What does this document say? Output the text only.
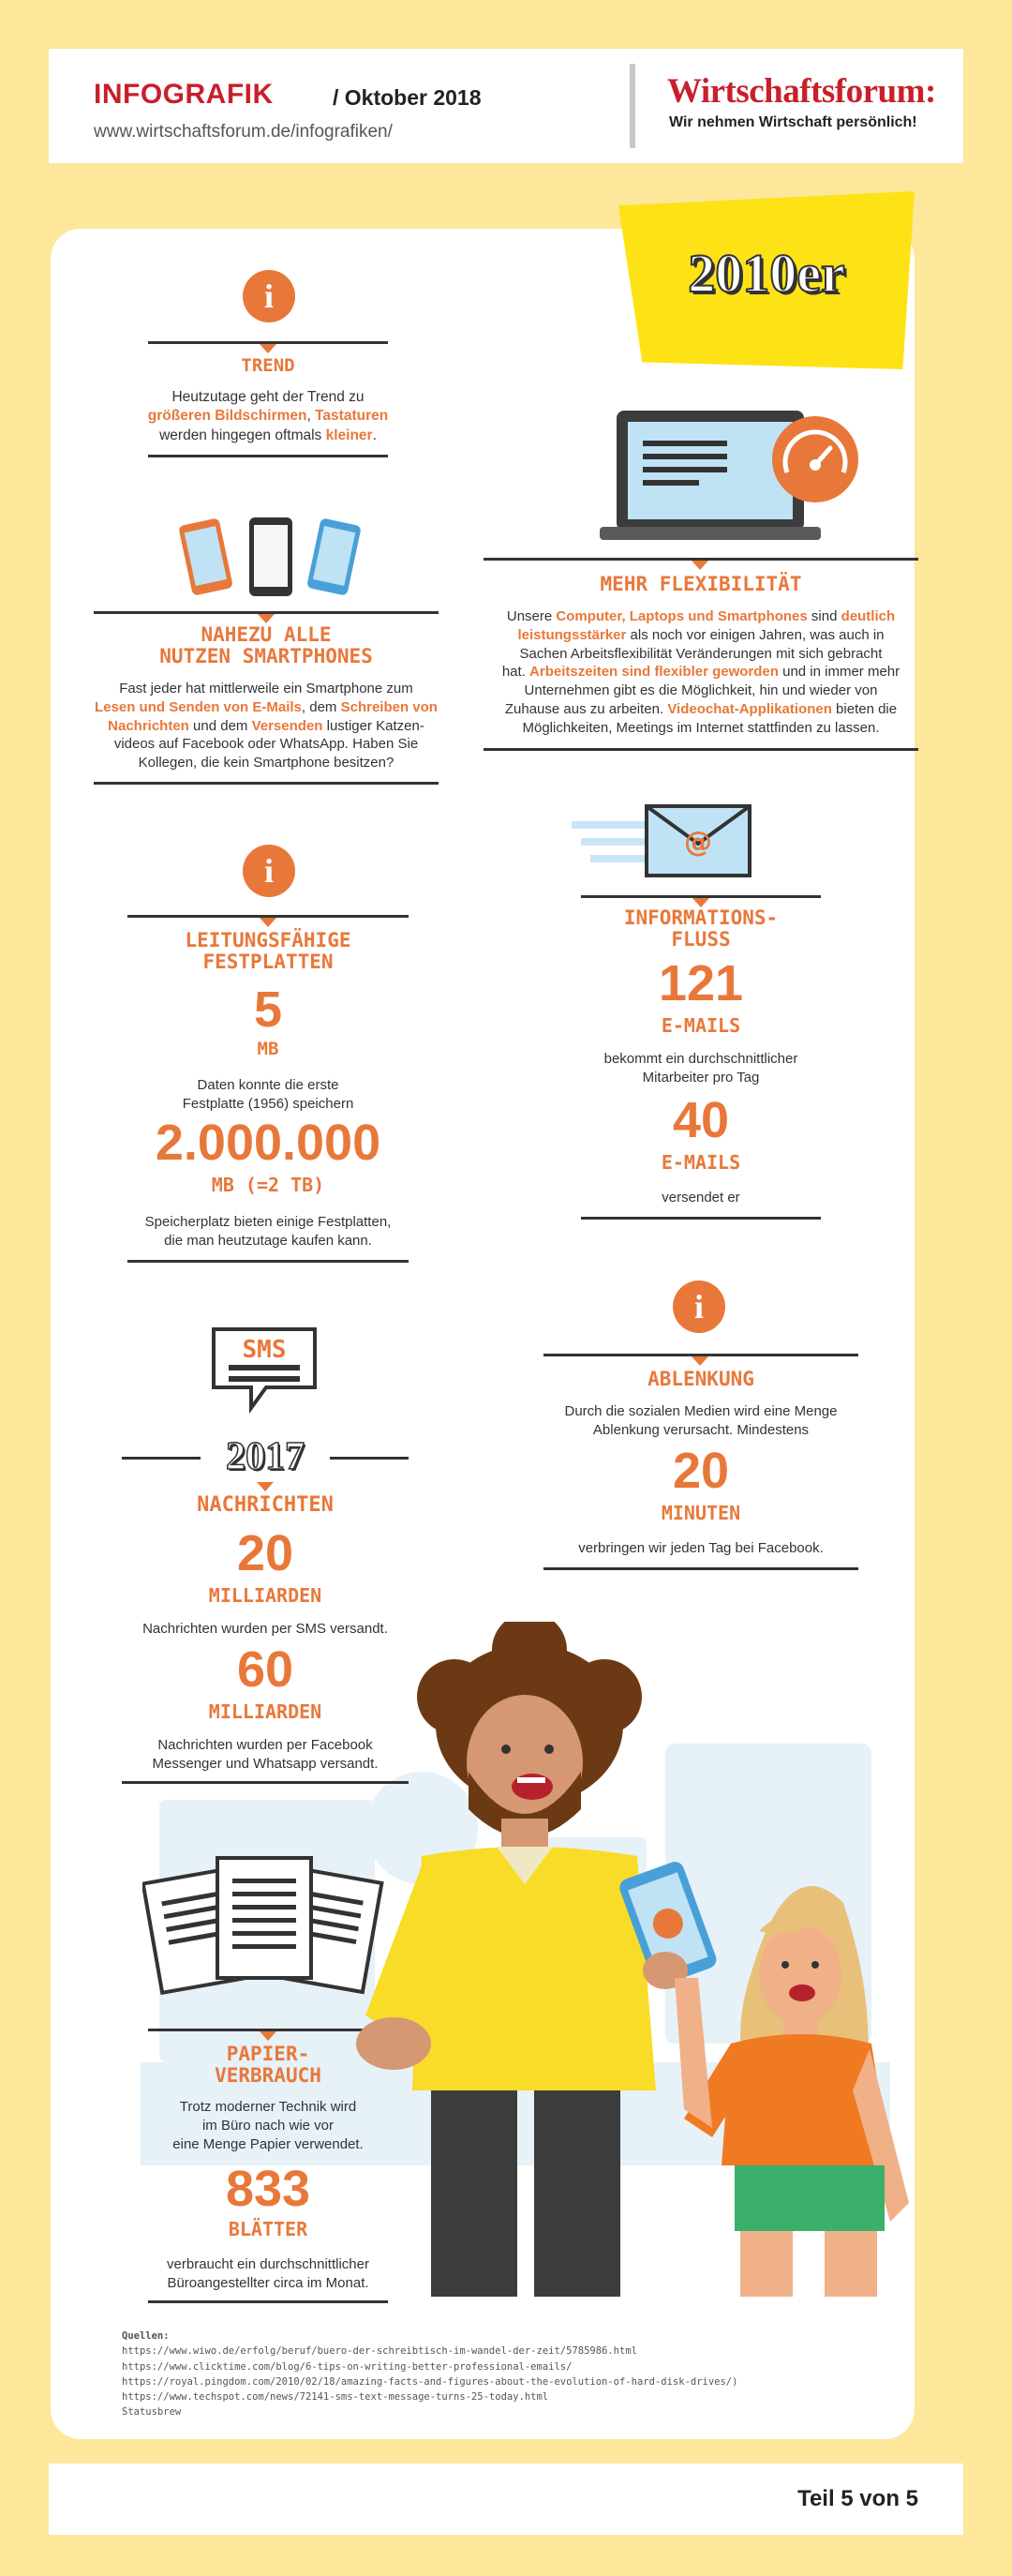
INFOGRAFIK	/ Oktober 2018
www.wirtschaftsforum.de/infografiken/
Wirtschaftsforum:
Wir nehmen Wirtschaft persönlich!
2010er
i
TREND
Heutzutage geht der Trend zu
größeren Bildschirmen, Tastaturen
werden hingegen oftmals kleiner.
MEHR FLEXIBILITÄT
Unsere Computer, Laptops und Smartphones sind deutlich
leistungsstärker als noch vor einigen Jahren, was auch in
Sachen Arbeitsflexibilität Veränderungen mit sich gebracht
hat. Arbeitszeiten sind flexibler geworden und in immer mehr
Unternehmen gibt es die Möglichkeit, hin und wieder von
Zuhause aus zu arbeiten. Videochat-Applikationen bieten die
Möglichkeiten, Meetings im Internet stattfinden zu lassen.
NAHEZU ALLE
NUTZEN SMARTPHONES
Fast jeder hat mittlerweile ein Smartphone zum
Lesen und Senden von E-Mails, dem Schreiben von
Nachrichten und dem Versenden lustiger Katzen-
videos auf Facebook oder WhatsApp. Haben Sie
Kollegen, die kein Smartphone besitzen?
i
LEITUNGSFÄHIGE
FESTPLATTEN
5
MB
Daten konnte die erste
Festplatte (1956) speichern
2.000.000
MB (=2 TB)
Speicherplatz bieten einige Festplatten,
die man heutzutage kaufen kann.
@
INFORMATIONS-
FLUSS
121
E-MAILS
bekommt ein durchschnittlicher
Mitarbeiter pro Tag
40
E-MAILS
versendet er
SMS
2017
NACHRICHTEN
20
MILLIARDEN
Nachrichten wurden per SMS versandt.
60
MILLIARDEN
Nachrichten wurden per Facebook
Messenger und Whatsapp versandt.
i
ABLENKUNG
Durch die sozialen Medien wird eine Menge
Ablenkung verursacht. Mindestens
20
MINUTEN
verbringen wir jeden Tag bei Facebook.
PAPIER-
VERBRAUCH
Trotz moderner Technik wird
im Büro nach wie vor
eine Menge Papier verwendet.
833
BLÄTTER
verbraucht ein durchschnittlicher
Büroangestellter circa im Monat.
Quellen:
https://www.wiwo.de/erfolg/beruf/buero-der-schreibtisch-im-wandel-der-zeit/5785986.html
https://www.clicktime.com/blog/6-tips-on-writing-better-professional-emails/
https://royal.pingdom.com/2010/02/18/amazing-facts-and-figures-about-the-evolution-of-hard-disk-drives/)
https://www.techspot.com/news/72141-sms-text-message-turns-25-today.html
Statusbrew
Teil 5 von 5
